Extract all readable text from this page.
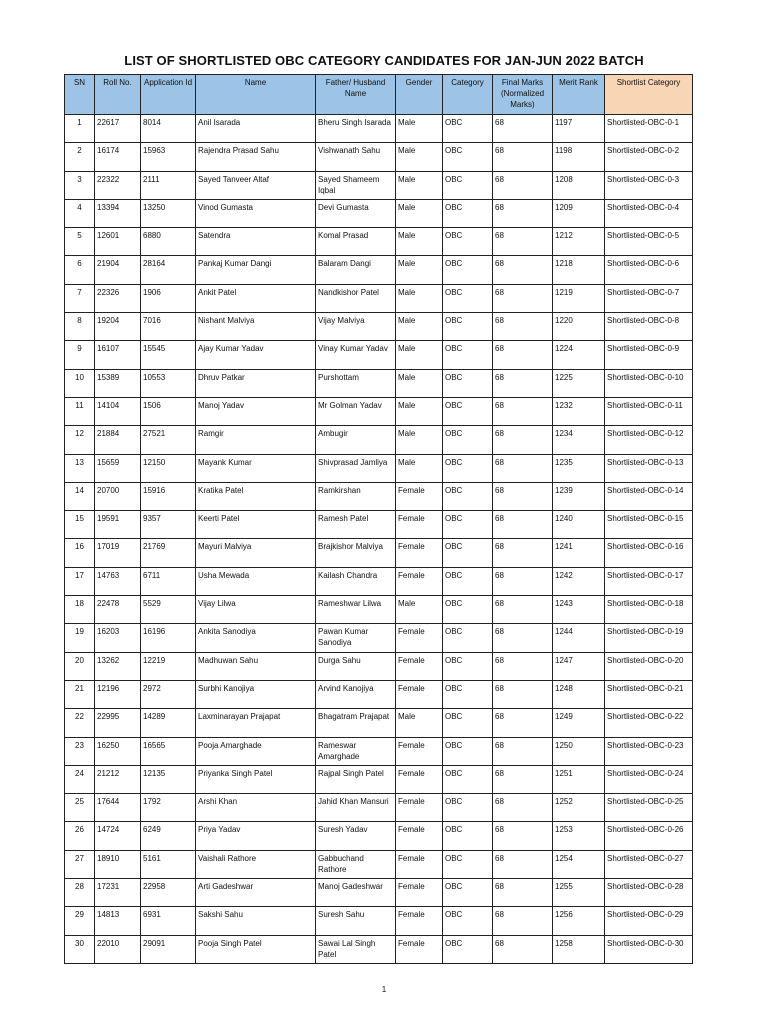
LIST OF SHORTLISTED OBC CATEGORY CANDIDATES FOR JAN-JUN 2022 BATCH
SN	Roll No.	Application Id	Name	Father/ Husband Name	Gender	Category	Final Marks (Normalized Marks)	Merit Rank	Shortlist Category
1	22617	8014	Anil Isarada	Bheru Singh Isarada	Male	OBC	68	1197	Shortlisted-OBC-0-1
2	16174	15963	Rajendra Prasad Sahu	Vishwanath Sahu	Male	OBC	68	1198	Shortlisted-OBC-0-2
3	22322	2111	Sayed Tanveer Altaf	Sayed Shameem Iqbal	Male	OBC	68	1208	Shortlisted-OBC-0-3
4	13394	13250	Vinod Gumasta	Devi Gumasta	Male	OBC	68	1209	Shortlisted-OBC-0-4
5	12601	6880	Satendra	Komal Prasad	Male	OBC	68	1212	Shortlisted-OBC-0-5
6	21904	28164	Pankaj Kumar Dangi	Balaram Dangi	Male	OBC	68	1218	Shortlisted-OBC-0-6
7	22326	1906	Ankit Patel	Nandkishor Patel	Male	OBC	68	1219	Shortlisted-OBC-0-7
8	19204	7016	Nishant Malviya	Vijay Malviya	Male	OBC	68	1220	Shortlisted-OBC-0-8
9	16107	15545	Ajay Kumar Yadav	Vinay Kumar Yadav	Male	OBC	68	1224	Shortlisted-OBC-0-9
10	15389	10553	Dhruv Patkar	Purshottam	Male	OBC	68	1225	Shortlisted-OBC-0-10
11	14104	1506	Manoj Yadav	Mr Golman Yadav	Male	OBC	68	1232	Shortlisted-OBC-0-11
12	21884	27521	Ramgir	Ambugir	Male	OBC	68	1234	Shortlisted-OBC-0-12
13	15659	12150	Mayank Kumar	Shivprasad Jamliya	Male	OBC	68	1235	Shortlisted-OBC-0-13
14	20700	15916	Kratika Patel	Ramkirshan	Female	OBC	68	1239	Shortlisted-OBC-0-14
15	19591	9357	Keerti Patel	Ramesh Patel	Female	OBC	68	1240	Shortlisted-OBC-0-15
16	17019	21769	Mayuri Malviya	Brajkishor Malviya	Female	OBC	68	1241	Shortlisted-OBC-0-16
17	14763	6711	Usha Mewada	Kailash Chandra	Female	OBC	68	1242	Shortlisted-OBC-0-17
18	22478	5529	Vijay Lilwa	Rameshwar Lilwa	Male	OBC	68	1243	Shortlisted-OBC-0-18
19	16203	16196	Ankita Sanodiya	Pawan Kumar Sanodiya	Female	OBC	68	1244	Shortlisted-OBC-0-19
20	13262	12219	Madhuwan Sahu	Durga Sahu	Female	OBC	68	1247	Shortlisted-OBC-0-20
21	12196	2972	Surbhi Kanojiya	Arvind Kanojiya	Female	OBC	68	1248	Shortlisted-OBC-0-21
22	22995	14289	Laxminarayan Prajapat	Bhagatram Prajapat	Male	OBC	68	1249	Shortlisted-OBC-0-22
23	16250	16565	Pooja Amarghade	Rameswar Amarghade	Female	OBC	68	1250	Shortlisted-OBC-0-23
24	21212	12135	Priyanka Singh Patel	Rajpal Singh Patel	Female	OBC	68	1251	Shortlisted-OBC-0-24
25	17644	1792	Arshi Khan	Jahid Khan Mansuri	Female	OBC	68	1252	Shortlisted-OBC-0-25
26	14724	6249	Priya Yadav	Suresh Yadav	Female	OBC	68	1253	Shortlisted-OBC-0-26
27	18910	5161	Vaishali Rathore	Gabbuchand Rathore	Female	OBC	68	1254	Shortlisted-OBC-0-27
28	17231	22958	Arti Gadeshwar	Manoj Gadeshwar	Female	OBC	68	1255	Shortlisted-OBC-0-28
29	14813	6931	Sakshi Sahu	Suresh Sahu	Female	OBC	68	1256	Shortlisted-OBC-0-29
30	22010	29091	Pooja Singh Patel	Sawai Lal Singh Patel	Female	OBC	68	1258	Shortlisted-OBC-0-30
1
